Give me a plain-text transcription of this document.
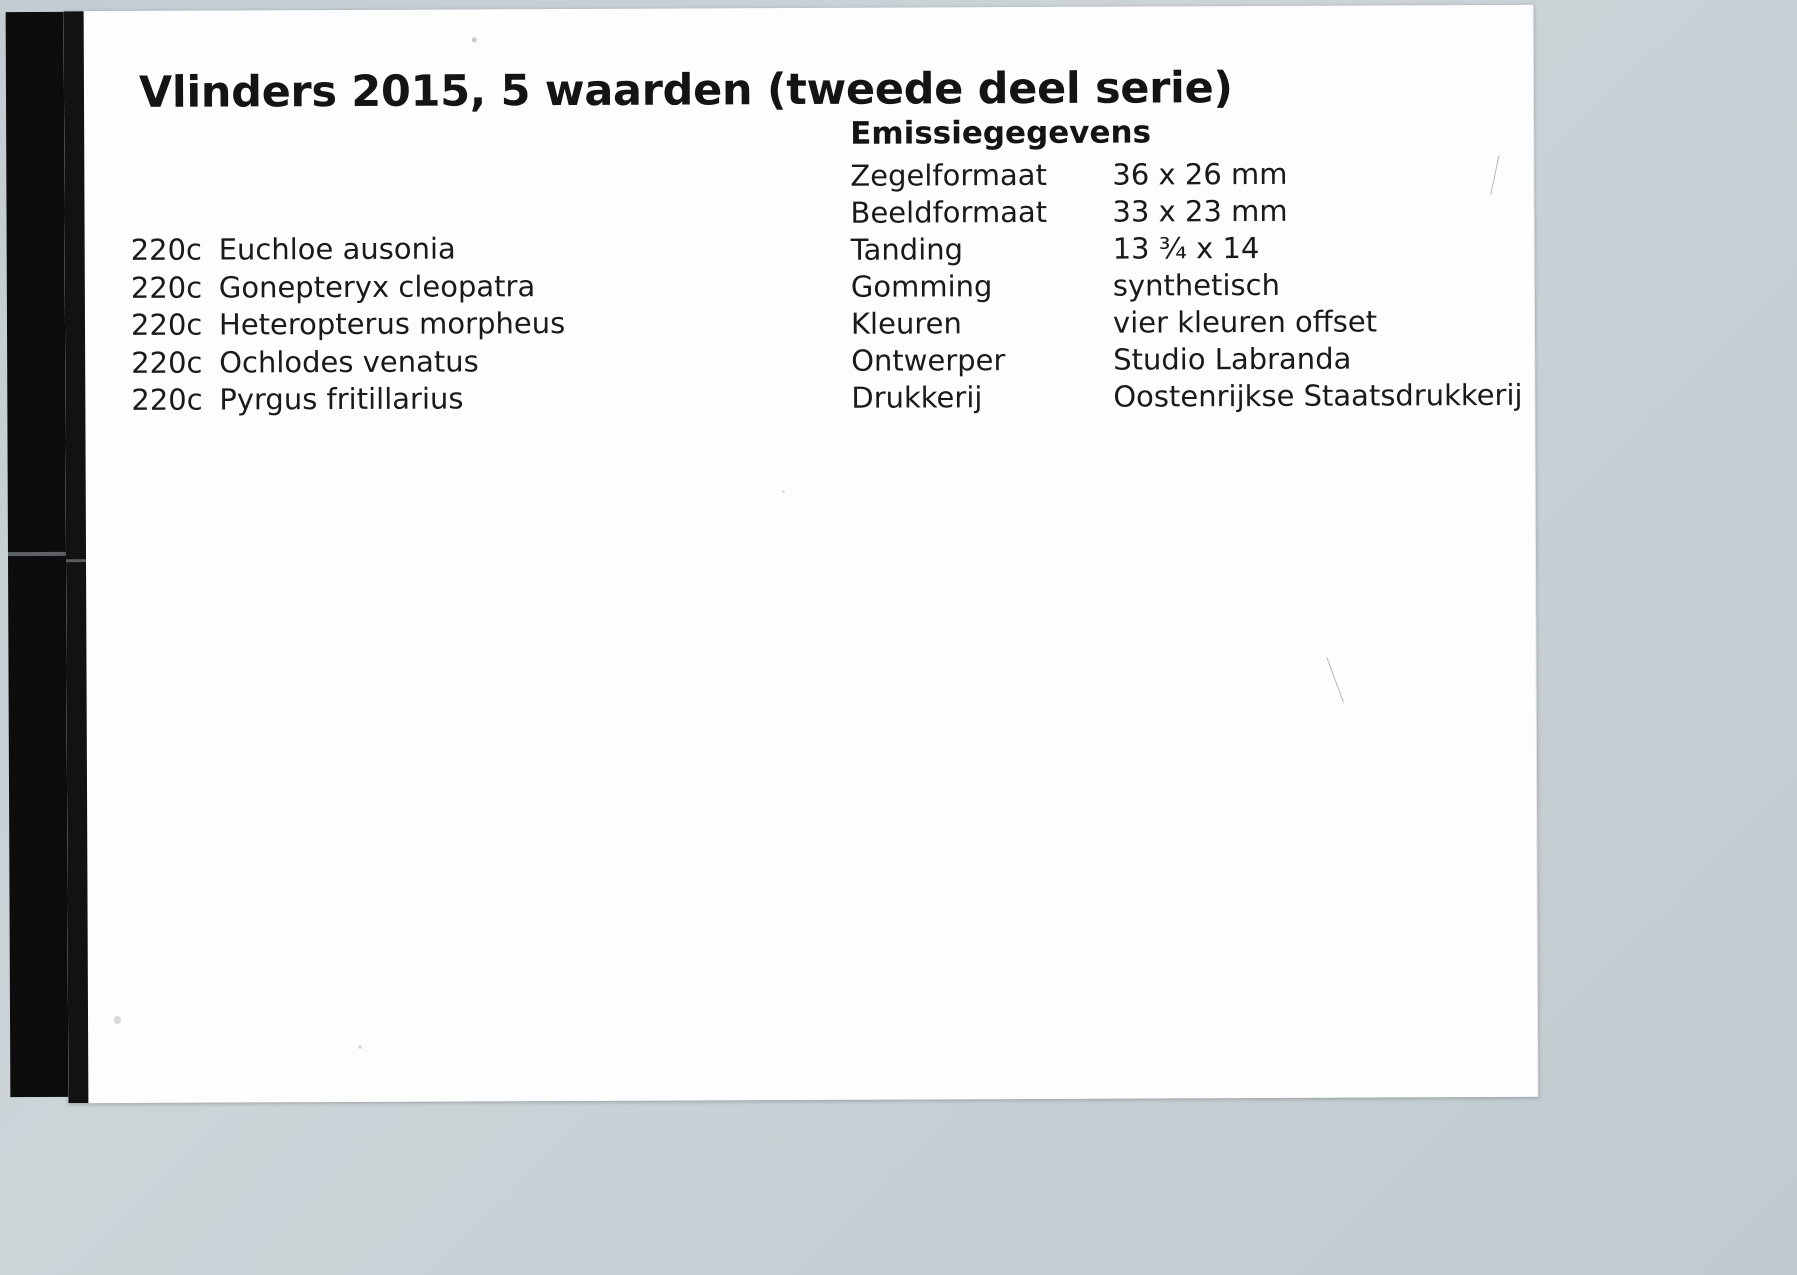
Vlinders 2015, 5 waarden (tweede deel serie)
220c Euchloe ausonia
220c Gonepteryx cleopatra
220c Heteropterus morpheus
220c Ochlodes venatus
220c Pyrgus fritillarius
Emissiegegevens
Zegelformaat	36 x 26 mm
Beeldformaat	33 x 23 mm
Tanding	13 ¾ x 14
Gomming	synthetisch
Kleuren	vier kleuren offset
Ontwerper	Studio Labranda
Drukkerij	Oostenrijkse Staatsdrukkerij
